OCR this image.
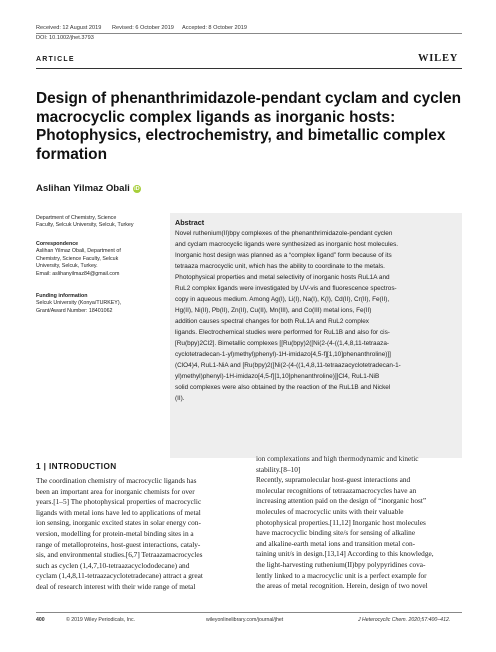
Received: 12 August 2019 Revised: 6 October 2019 Accepted: 8 October 2019
DOI: 10.1002/jhet.3793
ARTICLE	WILEY
Design of phenanthrimidazole-pendant cyclam and cyclen
macrocyclic complex ligands as inorganic hosts:
Photophysics, electrochemistry, and bimetallic complex
formation
Aslihan Yilmaz Obali iD
Department of Chemistry, Science
Faculty, Selcuk University, Selcuk, Turkey
Correspondence
Aslihan Yilmaz Obali, Department of
Chemistry, Science Faculty, Selcuk
University, Selcuk, Turkey.
Email: aslihanyilmaz84@gmail.com
Funding information
Selcuk University (Konya/TURKEY),
Grant/Award Number: 18401062
Abstract
Novel ruthenium(II)bpy complexes of the phenanthrimidazole-pendant cyclen
and cyclam macrocyclic ligands were synthesized as inorganic host molecules.
Inorganic host design was planned as a “complex ligand” form because of its
tetraaza macrocyclic unit, which has the ability to coordinate to the metals.
Photophysical properties and metal selectivity of inorganic hosts RuL1A and
RuL2 complex ligands were investigated by UV-vis and fluorescence spectros-
copy in aqueous medium. Among Ag(I), Li(I), Na(I), K(I), Cd(II), Cr(II), Fe(II),
Hg(II), Ni(II), Pb(II), Zn(II), Cu(II), Mn(III), and Co(III) metal ions, Fe(II)
addition causes spectral changes for both RuL1A and RuL2 complex
ligands. Electrochemical studies were performed for RuL1B and also for cis-
[Ru(bpy)2Cl2]. Bimetallic complexes [[Ru(bpy)2([Ni(2-(4-((1,4,8,11-tetraaza-
cyclotetradecan-1-yl)methyl)phenyl)-1H-imidazo[4,5-f][1,10]phenanthroline)]]
(ClO4)4, RuL1-NiA and [Ru(bpy)2([Ni(2-(4-((1,4,8,11-tetraazacyclotetradecan-1-
yl)methyl)phenyl)-1H-imidazo[4,5-f][1,10]phenanthroline)]]Cl4, RuL1-NiB
solid complexes were also obtained by the reaction of the RuL1B and Nickel
(II).
1 | INTRODUCTION
The coordination chemistry of macrocyclic ligands has
been an important area for inorganic chemists for over
years.[1–5] The photophysical properties of macrocyclic
ligands with metal ions have led to applications of metal
ion sensing, inorganic excited states in solar energy con-
version, modelling for protein-metal binding sites in a
range of metalloproteins, host-guest interactions, cataly-
sis, and environmental studies.[6,7] Tetraazamacrocycles
such as cyclen (1,4,7,10-tetraazacyclododecane) and
cyclam (1,4,8,11-tetraazacyclotetradecane) attract a great
deal of research interest with their wide range of metal
ion complexations and high thermodynamic and kinetic
stability.[8–10]
Recently, supramolecular host-guest interactions and
molecular recognitions of tetraazamacrocycles have an
increasing attention paid on the design of “inorganic host”
molecules of macrocyclic units with their valuable
photophysical properties.[11,12] Inorganic host molecules
have macrocyclic binding site/s for sensing of alkaline
and alkaline-earth metal ions and transition metal con-
taining unit/s in design.[13,14] According to this knowledge,
the light-harvesting ruthenium(II)bpy polypyridines cova-
lently linked to a macrocyclic unit is a perfect example for
the areas of metal recognition. Herein, design of two novel
400	© 2019 Wiley Periodicals, Inc.	wileyonlinelibrary.com/journal/jhet	J Heterocyclic Chem. 2020;57:400–412.
